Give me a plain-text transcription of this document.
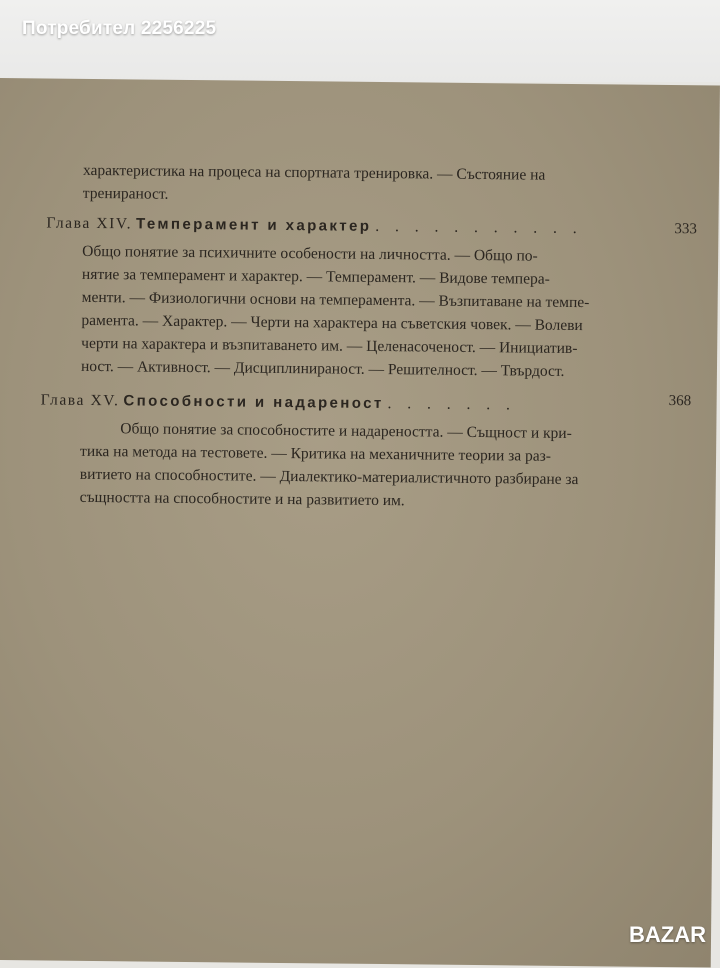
Потребител 2256225
характеристика на процеса на спортната тренировка. — Състояние на
тренираност.
Глава XIV. Темперамент и характер . . . . . . . . . . .	333
Общо понятие за психичните особености на личността. — Общо по-
нятие за темперамент и характер. — Темперамент. — Видове темпера-
менти. — Физиологични основи на темперамента. — Възпитаване на темпе-
рамента. — Характер. — Черти на характера на съветския човек. — Волеви
черти на характера и възпитаването им. — Целенасоченост. — Инициатив-
ност. — Активност. — Дисциплинираност. — Решителност. — Твърдост.
Глава XV. Способности и надареност . . . . . . .	368
Общо понятие за способностите и надареността. — Същност и кри-
тика на метода на тестовете. — Критика на механичните теории за раз-
витието на способностите. — Диалектико-материалистичното разбиране за
същността на способностите и на развитието им.
BAZAR
